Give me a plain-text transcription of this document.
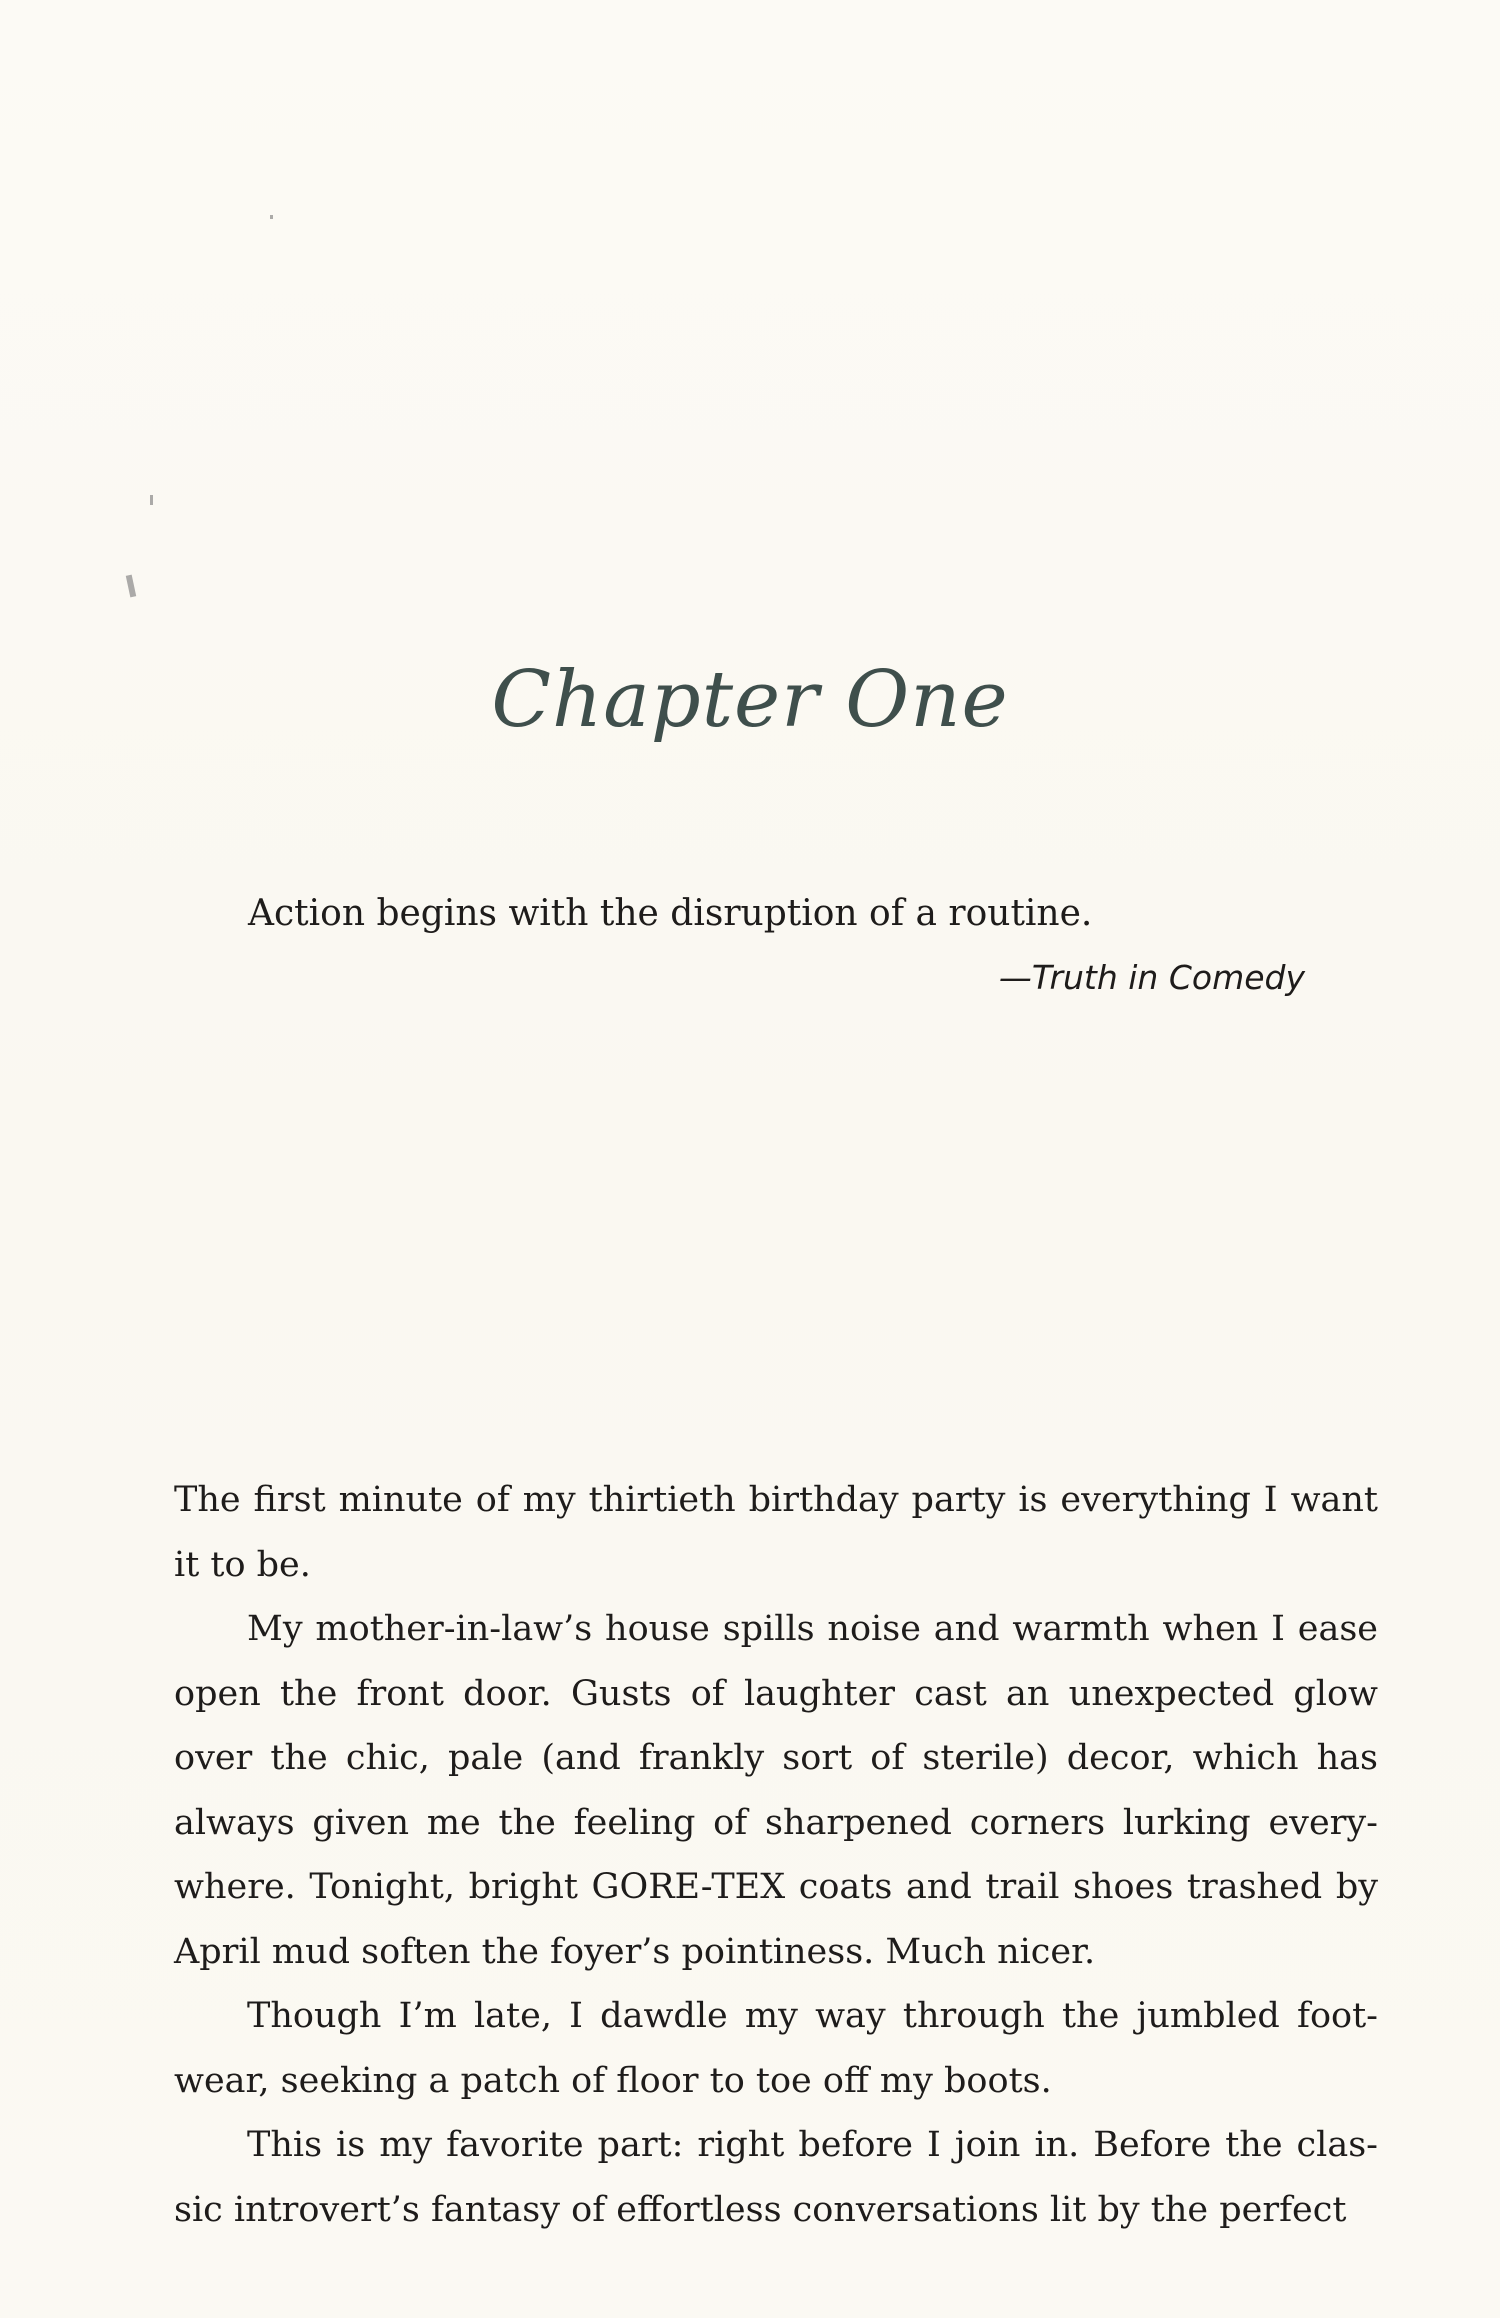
Chapter One

Action begins with the disruption of a routine.

—Truth in Comedy

The first minute of my thirtieth birthday party is everything I want it to be.

My mother-in-law’s house spills noise and warmth when I ease open the front door. Gusts of laughter cast an unexpected glow over the chic, pale (and frankly sort of sterile) decor, which has always given me the feeling of sharpened corners lurking every-where. Tonight, bright GORE-TEX coats and trail shoes trashed by April mud soften the foyer’s pointiness. Much nicer.

Though I’m late, I dawdle my way through the jumbled foot-wear, seeking a patch of floor to toe off my boots.

This is my favorite part: right before I join in. Before the clas-sic introvert’s fantasy of effortless conversations lit by the perfect
